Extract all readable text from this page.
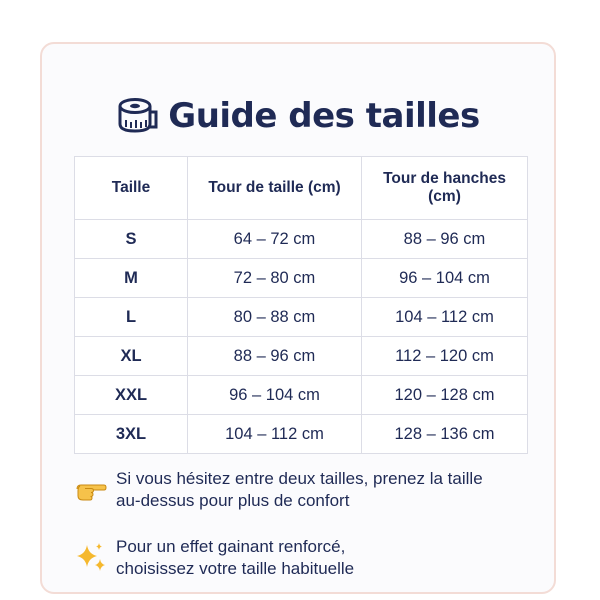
Guide des tailles
Taille	Tour de taille (cm)	Tour de hanches (cm)
S	64 – 72 cm	88 – 96 cm
M	72 – 80 cm	96 – 104 cm
L	80 – 88 cm	104 – 112 cm
XL	88 – 96 cm	112 – 120 cm
XXL	96 – 104 cm	120 – 128 cm
3XL	104 – 112 cm	128 – 136 cm
Si vous hésitez entre deux tailles, prenez la taille
au-dessus pour plus de confort
Pour un effet gainant renforcé,
choisissez votre taille habituelle
